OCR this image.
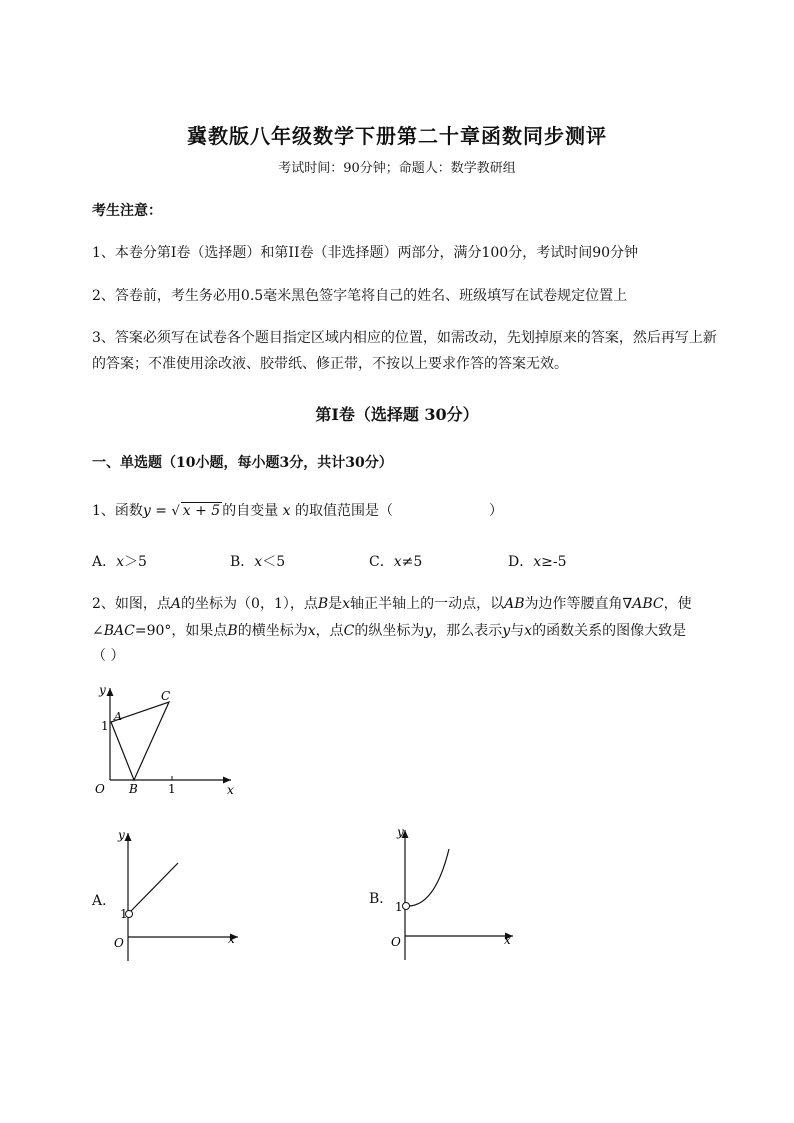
冀教版八年级数学下册第二十章函数同步测评
考试时间：90分钟；命题人：数学教研组
考生注意：
1、本卷分第I卷（选择题）和第II卷（非选择题）两部分，满分100分，考试时间90分钟
2、答卷前，考生务必用0.5毫米黑色签字笔将自己的姓名、班级填写在试卷规定位置上
3、答案必须写在试卷各个题目指定区域内相应的位置，如需改动，先划掉原来的答案，然后再写上新
的答案；不准使用涂改液、胶带纸、修正带，不按以上要求作答的答案无效。
第I卷（选择题 30分）
一、单选题（10小题，每小题3分，共计30分）
1、函数y = √ x + 5 的自变量 x 的取值范围是（	）
A．x＞5	B．x＜5	C．x≠5	D．x≥-5
2、如图，点A的坐标为（0，1），点B是x轴正半轴上的一动点，以AB为边作等腰直角∇ABC，使
∠BAC=90°，如果点B的横坐标为x，点C的纵坐标为y，那么表示y与x的函数关系的图像大致是
（ ）
y
x
O
A
B
C
1
1
A．
y
x
O
1
B．
y
x
O
1
